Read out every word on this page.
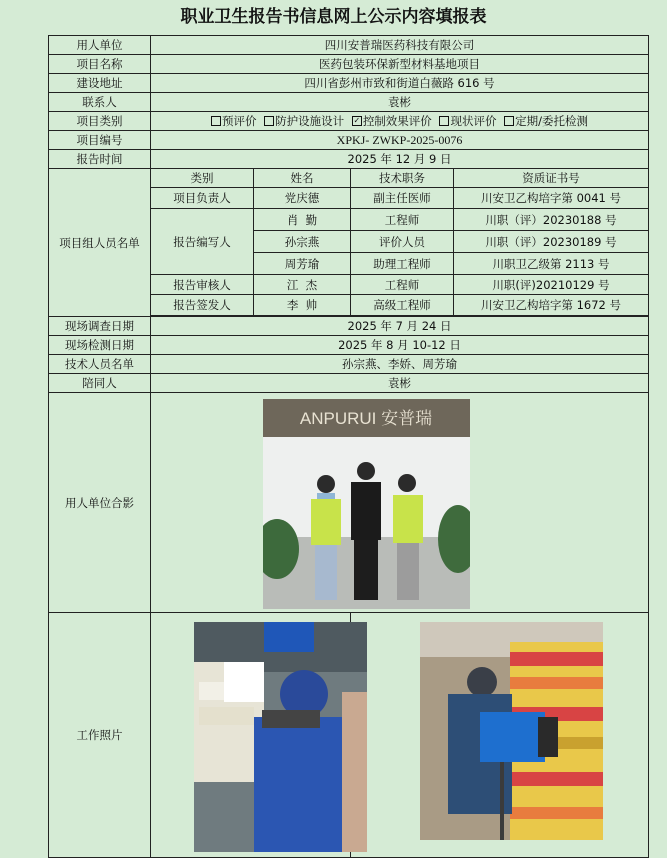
职业卫生报告书信息网上公示内容填报表
用人单位	四川安普瑞医药科技有限公司			
项目名称	医药包装环保新型材料基地项目			
建设地址	四川省彭州市致和街道白薇路 616 号			
联系人	袁彬			
项目类别	预评价 防护设施设计 ✓ 控制效果评价 现状评价 定期/委托检测			
项目编号	XPKJ- ZWKP-2025-0076			
报告时间	2025 年 12 月 9 日			
项目组人员名单	类别	姓名	技术职务	资质证书号
	项目负责人	党庆德	副主任医师	川安卫乙构培字第 0041 号
	报告编写人	肖  勤	工程师	川职（评）20230188 号
		孙宗燕	评价人员	川职（评）20230189 号
		周芳瑜	助理工程师	川职卫乙级第 2113 号
	报告审核人	江  杰	工程师	川职(评)20210129 号
	报告签发人	李  帅	高级工程师	川安卫乙构培字第 1672 号

现场调查日期	2025 年 7 月 24 日			
现场检测日期	2025 年 8 月 10-12 日			
技术人员名单	孙宗燕、李娇、周芳瑜			
陪同人	袁彬			
用人单位合影				
工作照片				
ANPURUI 安普瑞
